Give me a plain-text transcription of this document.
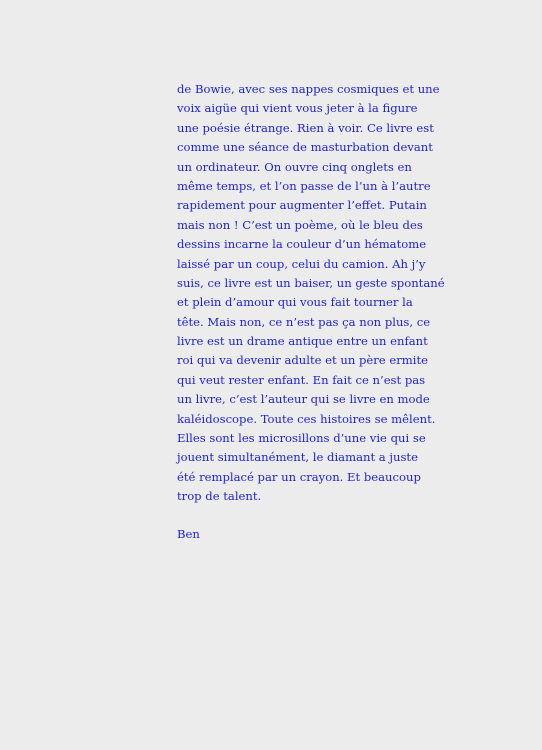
de Bowie, avec ses nappes cosmiques et une
voix aigüe qui vient vous jeter à la figure
une poésie étrange. Rien à voir. Ce livre est
comme une séance de masturbation devant
un ordinateur. On ouvre cinq onglets en
même temps, et l’on passe de l’un à l’autre
rapidement pour augmenter l’effet. Putain
mais non ! C’est un poème, où le bleu des
dessins incarne la couleur d’un hématome
laissé par un coup, celui du camion. Ah j’y
suis, ce livre est un baiser, un geste spontané
et plein d’amour qui vous fait tourner la
tête. Mais non, ce n’est pas ça non plus, ce
livre est un drame antique entre un enfant
roi qui va devenir adulte et un père ermite
qui veut rester enfant. En fait ce n’est pas
un livre, c’est l’auteur qui se livre en mode
kaléidoscope. Toute ces histoires se mêlent.
Elles sont les microsillons d’une vie qui se
jouent simultanément, le diamant a juste
été remplacé par un crayon. Et beaucoup
trop de talent.
Ben
